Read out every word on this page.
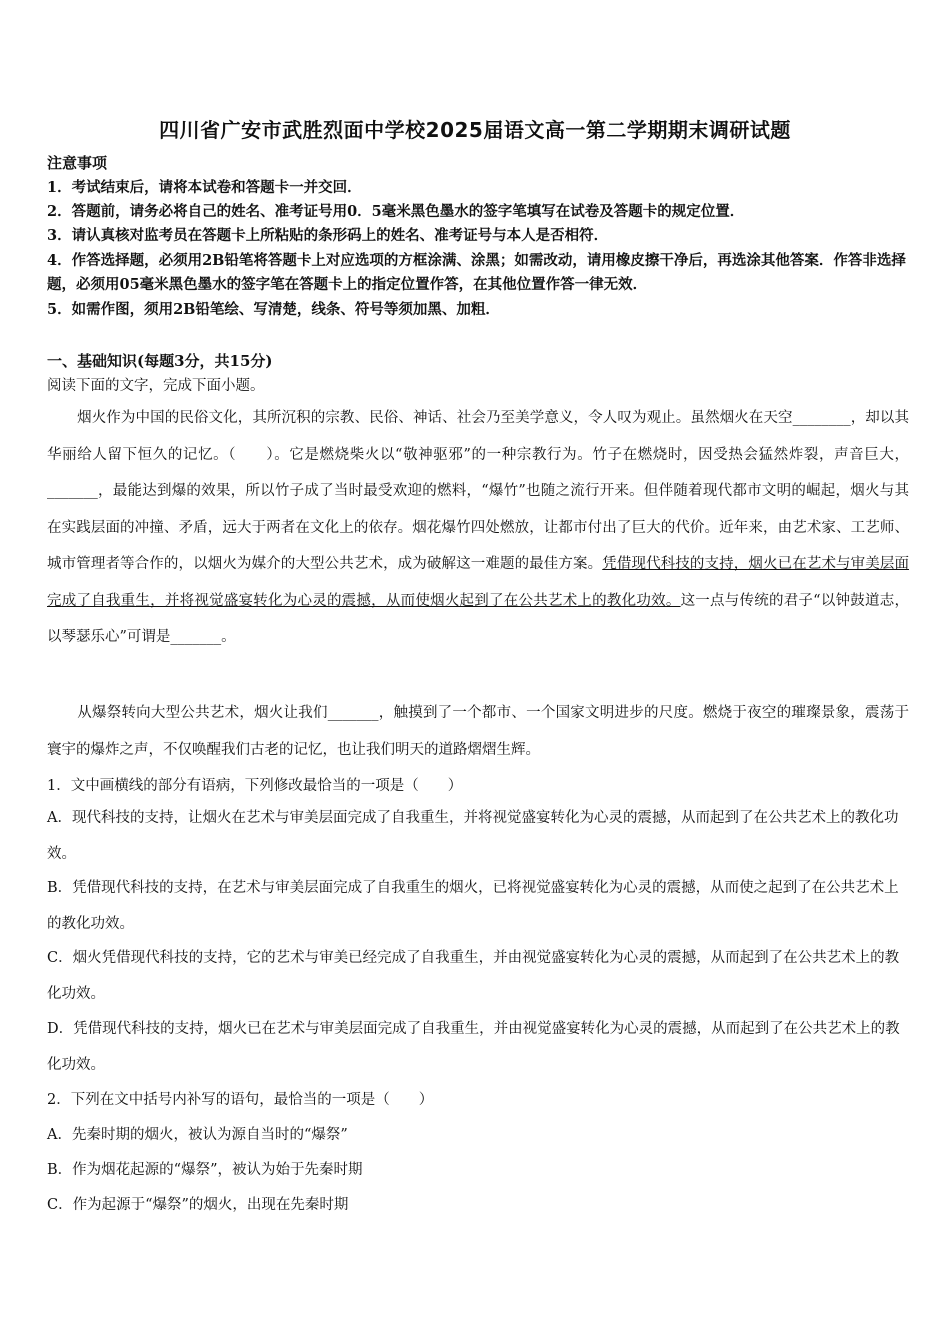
四川省广安市武胜烈面中学校2025届语文高一第二学期期末调研试题
注意事项
1．考试结束后，请将本试卷和答题卡一并交回．
2．答题前，请务必将自己的姓名、准考证号用0．5毫米黑色墨水的签字笔填写在试卷及答题卡的规定位置．
3．请认真核对监考员在答题卡上所粘贴的条形码上的姓名、准考证号与本人是否相符．
4．作答选择题，必须用2B铅笔将答题卡上对应选项的方框涂满、涂黑；如需改动，请用橡皮擦干净后，再选涂其他答案．作答非选择题，必须用05毫米黑色墨水的签字笔在答题卡上的指定位置作答，在其他位置作答一律无效．
5．如需作图，须用2B铅笔绘、写清楚，线条、符号等须加黑、加粗．
一、基础知识(每题3分，共15分)
阅读下面的文字，完成下面小题。
烟火作为中国的民俗文化，其所沉积的宗教、民俗、神话、社会乃至美学意义，令人叹为观止。虽然烟火在天空________，却以其华丽给人留下恒久的记忆。（　　）。它是燃烧柴火以“敬神驱邪”的一种宗教行为。竹子在燃烧时，因受热会猛然炸裂，声音巨大，_______，最能达到爆的效果，所以竹子成了当时最受欢迎的燃料，“爆竹”也随之流行开来。但伴随着现代都市文明的崛起，烟火与其在实践层面的冲撞、矛盾，远大于两者在文化上的依存。烟花爆竹四处燃放，让都市付出了巨大的代价。近年来，由艺术家、工艺师、城市管理者等合作的，以烟火为媒介的大型公共艺术，成为破解这一难题的最佳方案。凭借现代科技的支持，烟火已在艺术与审美层面完成了自我重生，并将视觉盛宴转化为心灵的震撼，从而使烟火起到了在公共艺术上的教化功效。这一点与传统的君子“以钟鼓道志，以琴瑟乐心”可谓是_______。
从爆祭转向大型公共艺术，烟火让我们_______，触摸到了一个都市、一个国家文明进步的尺度。燃烧于夜空的璀璨景象，震荡于寰宇的爆炸之声，不仅唤醒我们古老的记忆，也让我们明天的道路熠熠生辉。
1．文中画横线的部分有语病，下列修改最恰当的一项是（　　）
A．现代科技的支持，让烟火在艺术与审美层面完成了自我重生，并将视觉盛宴转化为心灵的震撼，从而起到了在公共艺术上的教化功效。
B．凭借现代科技的支持，在艺术与审美层面完成了自我重生的烟火，已将视觉盛宴转化为心灵的震撼，从而使之起到了在公共艺术上的教化功效。
C．烟火凭借现代科技的支持，它的艺术与审美已经完成了自我重生，并由视觉盛宴转化为心灵的震撼，从而起到了在公共艺术上的教化功效。
D．凭借现代科技的支持，烟火已在艺术与审美层面完成了自我重生，并由视觉盛宴转化为心灵的震撼，从而起到了在公共艺术上的教化功效。
2．下列在文中括号内补写的语句，最恰当的一项是（　　）
A．先秦时期的烟火，被认为源自当时的“爆祭”
B．作为烟花起源的“爆祭”，被认为始于先秦时期
C．作为起源于“爆祭”的烟火，出现在先秦时期
